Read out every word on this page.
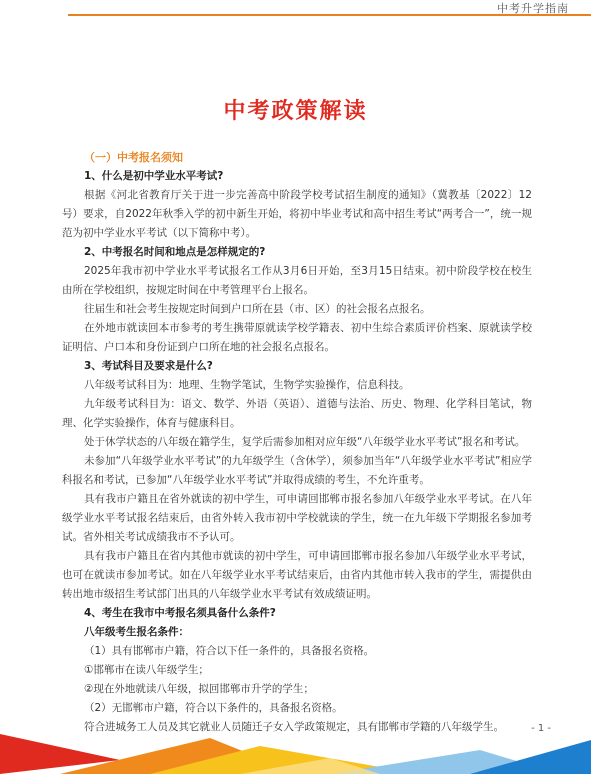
中考升学指南
中考政策解读
（一）中考报名须知
1、什么是初中学业水平考试?

根据《河北省教育厅关于进一步完善高中阶段学校考试招生制度的通知》（冀教基〔2022〕12号）要求，自2022年秋季入学的初中新生开始，将初中毕业考试和高中招生考试“两考合一”，统一规范为初中学业水平考试（以下简称中考）。

2、中考报名时间和地点是怎样规定的?

2025年我市初中学业水平考试报名工作从3月6日开始，至3月15日结束。初中阶段学校在校生由所在学校组织，按规定时间在中考管理平台上报名。

往届生和社会考生按规定时间到户口所在县（市、区）的社会报名点报名。

在外地市就读回本市参考的考生携带原就读学校学籍表、初中生综合素质评价档案、原就读学校证明信、户口本和身份证到户口所在地的社会报名点报名。

3、考试科目及要求是什么?

八年级考试科目为：地理、生物学笔试，生物学实验操作，信息科技。

九年级考试科目为：语文、数学、外语（英语）、道德与法治、历史、物理、化学科目笔试，物理、化学实验操作，体育与健康科目。

处于休学状态的八年级在籍学生，复学后需参加相对应年级“八年级学业水平考试”报名和考试。

未参加“八年级学业水平考试”的九年级学生（含休学），须参加当年“八年级学业水平考试”相应学科报名和考试，已参加“八年级学业水平考试”并取得成绩的考生，不允许重考。

具有我市户籍且在省外就读的初中学生，可申请回邯郸市报名参加八年级学业水平考试。在八年级学业水平考试报名结束后，由省外转入我市初中学校就读的学生，统一在九年级下学期报名参加考试。省外相关考试成绩我市不予认可。

具有我市户籍且在省内其他市就读的初中学生，可申请回邯郸市报名参加八年级学业水平考试，也可在就读市参加考试。如在八年级学业水平考试结束后，由省内其他市转入我市的学生，需提供由转出地市级招生考试部门出具的八年级学业水平考试有效成绩证明。

4、考生在我市中考报名须具备什么条件?
八年级考生报名条件：

（1）具有邯郸市户籍，符合以下任一条件的，具备报名资格。

①邯郸市在读八年级学生；

②现在外地就读八年级，拟回邯郸市升学的学生；

（2）无邯郸市户籍，符合以下条件的，具备报名资格。

符合进城务工人员及其它就业人员随迁子女入学政策规定，具有邯郸市学籍的八年级学生。	- 1 -
